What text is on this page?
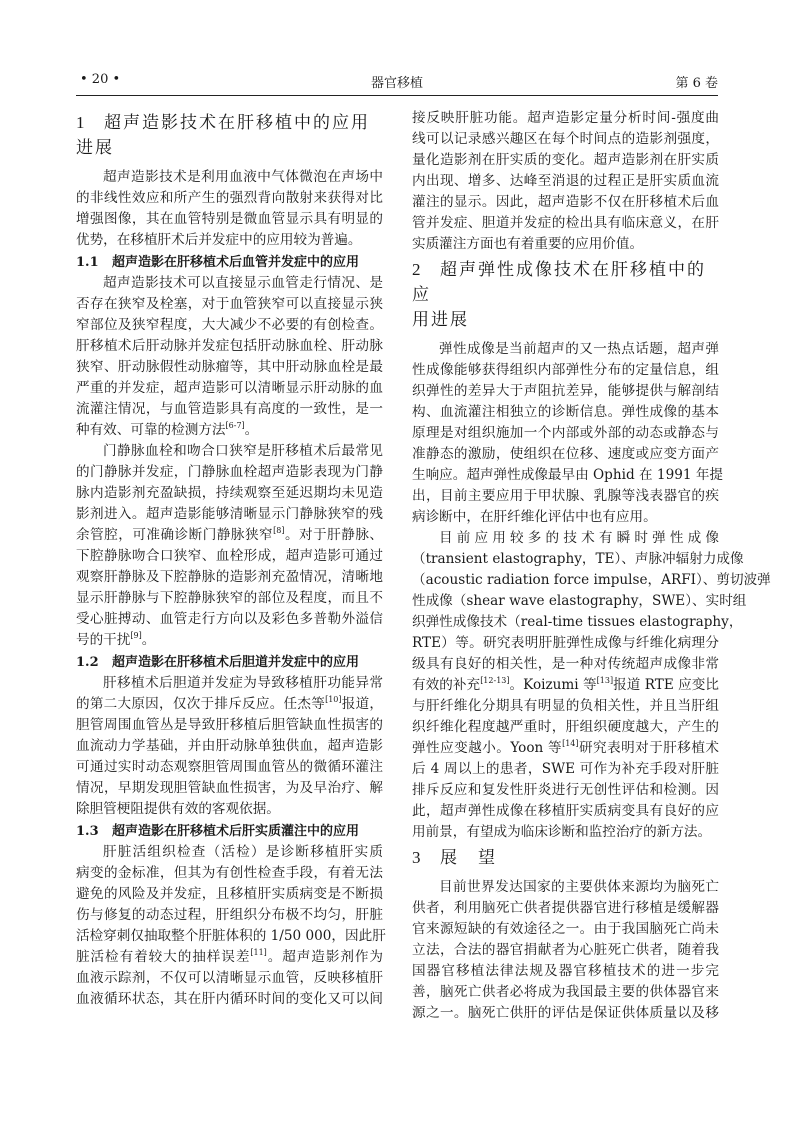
• 20 •	器官移植	第 6 卷
1 超声造影技术在肝移植中的应用
进展
超声造影技术是利用血液中气体微泡在声场中
的非线性效应和所产生的强烈背向散射来获得对比
增强图像，其在血管特别是微血管显示具有明显的
优势，在移植肝术后并发症中的应用较为普遍。
1.1 超声造影在肝移植术后血管并发症中的应用
超声造影技术可以直接显示血管走行情况、是
否存在狭窄及栓塞，对于血管狭窄可以直接显示狭
窄部位及狭窄程度，大大减少不必要的有创检查。
肝移植术后肝动脉并发症包括肝动脉血栓、肝动脉
狭窄、肝动脉假性动脉瘤等，其中肝动脉血栓是最
严重的并发症，超声造影可以清晰显示肝动脉的血
流灌注情况，与血管造影具有高度的一致性，是一
种有效、可靠的检测方法[6-7]。
门静脉血栓和吻合口狭窄是肝移植术后最常见
的门静脉并发症，门静脉血栓超声造影表现为门静
脉内造影剂充盈缺损，持续观察至延迟期均未见造
影剂进入。超声造影能够清晰显示门静脉狭窄的残
余管腔，可准确诊断门静脉狭窄[8]。对于肝静脉、
下腔静脉吻合口狭窄、血栓形成，超声造影可通过
观察肝静脉及下腔静脉的造影剂充盈情况，清晰地
显示肝静脉与下腔静脉狭窄的部位及程度，而且不
受心脏搏动、血管走行方向以及彩色多普勒外溢信
号的干扰[9]。
1.2 超声造影在肝移植术后胆道并发症中的应用
肝移植术后胆道并发症为导致移植肝功能异常
的第二大原因，仅次于排斥反应。任杰等[10]报道，
胆管周围血管丛是导致肝移植后胆管缺血性损害的
血流动力学基础，并由肝动脉单独供血，超声造影
可通过实时动态观察胆管周围血管丛的微循环灌注
情况，早期发现胆管缺血性损害，为及早治疗、解
除胆管梗阻提供有效的客观依据。
1.3 超声造影在肝移植术后肝实质灌注中的应用
肝脏活组织检查（活检）是诊断移植肝实质
病变的金标准，但其为有创性检查手段，有着无法
避免的风险及并发症，且移植肝实质病变是不断损
伤与修复的动态过程，肝组织分布极不均匀，肝脏
活检穿刺仅抽取整个肝脏体积的 1/50 000，因此肝
脏活检有着较大的抽样误差[11]。超声造影剂作为
血液示踪剂，不仅可以清晰显示血管，反映移植肝
血液循环状态，其在肝内循环时间的变化又可以间
接反映肝脏功能。超声造影定量分析时间-强度曲
线可以记录感兴趣区在每个时间点的造影剂强度，
量化造影剂在肝实质的变化。超声造影剂在肝实质
内出现、增多、达峰至消退的过程正是肝实质血流
灌注的显示。因此，超声造影不仅在肝移植术后血
管并发症、胆道并发症的检出具有临床意义，在肝
实质灌注方面也有着重要的应用价值。
2 超声弹性成像技术在肝移植中的应
用进展
弹性成像是当前超声的又一热点话题，超声弹
性成像能够获得组织内部弹性分布的定量信息，组
织弹性的差异大于声阻抗差异，能够提供与解剖结
构、血流灌注相独立的诊断信息。弹性成像的基本
原理是对组织施加一个内部或外部的动态或静态与
准静态的激励，使组织在位移、速度或应变方面产
生响应。超声弹性成像最早由 Ophid 在 1991 年提
出，目前主要应用于甲状腺、乳腺等浅表器官的疾
病诊断中，在肝纤维化评估中也有应用。
目前应用较多的技术有瞬时弹性成像
（transient elastography，TE）、声脉冲辐射力成像
（acoustic radiation force impulse，ARFI）、剪切波弹
性成像（shear wave elastography，SWE）、实时组
织弹性成像技术（real-time tissues elastography，
RTE）等。研究表明肝脏弹性成像与纤维化病理分
级具有良好的相关性，是一种对传统超声成像非常
有效的补充[12-13]。Koizumi 等[13]报道 RTE 应变比
与肝纤维化分期具有明显的负相关性，并且当肝组
织纤维化程度越严重时，肝组织硬度越大，产生的
弹性应变越小。Yoon 等[14]研究表明对于肝移植术
后 4 周以上的患者，SWE 可作为补充手段对肝脏
排斥反应和复发性肝炎进行无创性评估和检测。因
此，超声弹性成像在移植肝实质病变具有良好的应
用前景，有望成为临床诊断和监控治疗的新方法。
3 展　望
目前世界发达国家的主要供体来源均为脑死亡
供者，利用脑死亡供者提供器官进行移植是缓解器
官来源短缺的有效途径之一。由于我国脑死亡尚未
立法，合法的器官捐献者为心脏死亡供者，随着我
国器官移植法律法规及器官移植技术的进一步完
善，脑死亡供者必将成为我国最主要的供体器官来
源之一。脑死亡供肝的评估是保证供体质量以及移
